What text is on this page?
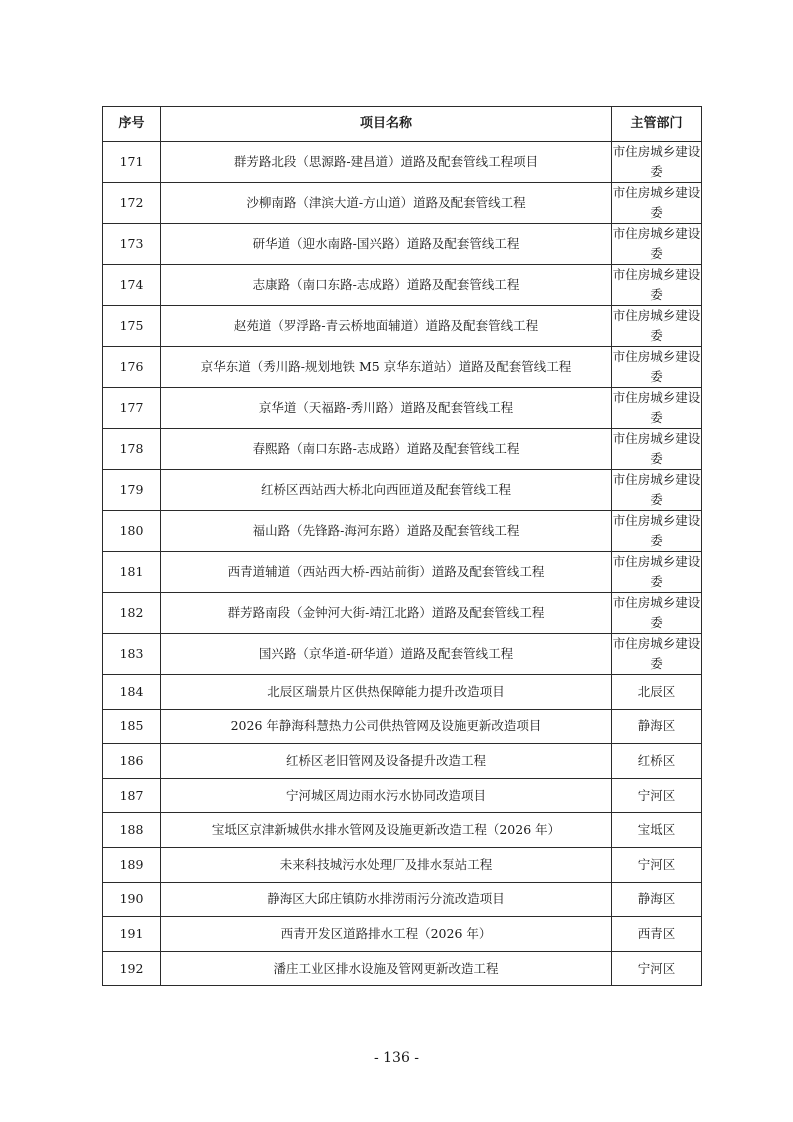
序号	项目名称	主管部门
171	群芳路北段（思源路-建昌道）道路及配套管线工程项目	市住房城乡建设委
172	沙柳南路（津滨大道-方山道）道路及配套管线工程	市住房城乡建设委
173	研华道（迎水南路-国兴路）道路及配套管线工程	市住房城乡建设委
174	志康路（南口东路-志成路）道路及配套管线工程	市住房城乡建设委
175	赵苑道（罗浮路-青云桥地面辅道）道路及配套管线工程	市住房城乡建设委
176	京华东道（秀川路-规划地铁 M5 京华东道站）道路及配套管线工程	市住房城乡建设委
177	京华道（天福路-秀川路）道路及配套管线工程	市住房城乡建设委
178	春熙路（南口东路-志成路）道路及配套管线工程	市住房城乡建设委
179	红桥区西站西大桥北向西匝道及配套管线工程	市住房城乡建设委
180	福山路（先锋路-海河东路）道路及配套管线工程	市住房城乡建设委
181	西青道辅道（西站西大桥-西站前街）道路及配套管线工程	市住房城乡建设委
182	群芳路南段（金钟河大街-靖江北路）道路及配套管线工程	市住房城乡建设委
183	国兴路（京华道-研华道）道路及配套管线工程	市住房城乡建设委
184	北辰区瑞景片区供热保障能力提升改造项目	北辰区
185	2026 年静海科慧热力公司供热管网及设施更新改造项目	静海区
186	红桥区老旧管网及设备提升改造工程	红桥区
187	宁河城区周边雨水污水协同改造项目	宁河区
188	宝坻区京津新城供水排水管网及设施更新改造工程（2026 年）	宝坻区
189	未来科技城污水处理厂及排水泵站工程	宁河区
190	静海区大邱庄镇防水排涝雨污分流改造项目	静海区
191	西青开发区道路排水工程（2026 年）	西青区
192	潘庄工业区排水设施及管网更新改造工程	宁河区
- 136 -
